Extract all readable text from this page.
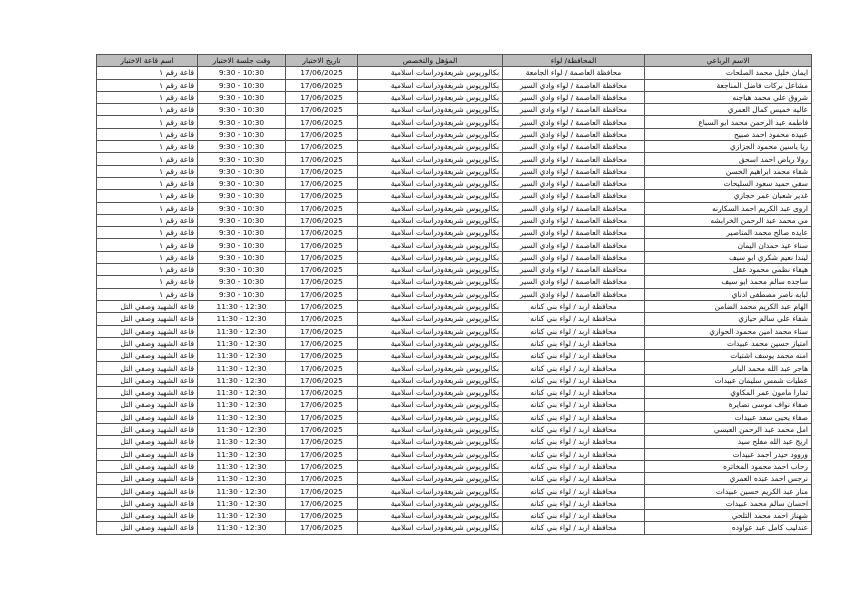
الاسم الرباعي	المحافظة/ لواء	المؤهل والتخصص	تاريخ الاختبار	وقت جلسة الاختبار	اسم قاعة الاختبار
ايمان خليل محمد الصلحات	محافظة العاصمة / لواء الجامعة	بكالوريوس شريعةودراسات اسلامية	17/06/2025	9:30 - 10:30	قاعة رقم ١
مشاعل بركات فاضل المناجعة	محافظة العاصمة / لواء وادي السير	بكالوريوس شريعةودراسات اسلامية	17/06/2025	9:30 - 10:30	قاعة رقم ١
شروق علي محمد هباجنه	محافظة العاصمة / لواء وادي السير	بكالوريوس شريعةودراسات اسلامية	17/06/2025	9:30 - 10:30	قاعة رقم ١
عاليه خميس كمال العمري	محافظة العاصمة / لواء وادي السير	بكالوريوس شريعةودراسات اسلامية	17/06/2025	9:30 - 10:30	قاعة رقم ١
فاطمه عبد الرحمن محمد ابو السباع	محافظة العاصمة / لواء وادي السير	بكالوريوس شريعةودراسات اسلامية	17/06/2025	9:30 - 10:30	قاعة رقم ١
عبيده محمود احمد صبيح	محافظة العاصمة / لواء وادي السير	بكالوريوس شريعةودراسات اسلامية	17/06/2025	9:30 - 10:30	قاعة رقم ١
ريا ياسين محمود الجزازي	محافظة العاصمة / لواء وادي السير	بكالوريوس شريعةودراسات اسلامية	17/06/2025	9:30 - 10:30	قاعة رقم ١
رولا رياض احمد اسحق	محافظة العاصمة / لواء وادي السير	بكالوريوس شريعةودراسات اسلامية	17/06/2025	9:30 - 10:30	قاعة رقم ١
شفاء محمد ابراهيم الحسن	محافظة العاصمة / لواء وادي السير	بكالوريوس شريعةودراسات اسلامية	17/06/2025	9:30 - 10:30	قاعة رقم ١
سفي حميد سعود السليحات	محافظة العاصمة / لواء وادي السير	بكالوريوس شريعةودراسات اسلامية	17/06/2025	9:30 - 10:30	قاعة رقم ١
غدير شعبان عمر حجازي	محافظة العاصمة / لواء وادي السير	بكالوريوس شريعةودراسات اسلامية	17/06/2025	9:30 - 10:30	قاعة رقم ١
اروى عبد الكريم احمد السكارنه	محافظة العاصمة / لواء وادي السير	بكالوريوس شريعةودراسات اسلامية	17/06/2025	9:30 - 10:30	قاعة رقم ١
مي محمد عبد الرحمن الخرابشه	محافظة العاصمة / لواء وادي السير	بكالوريوس شريعةودراسات اسلامية	17/06/2025	9:30 - 10:30	قاعة رقم ١
عايده صالح محمد المناصير	محافظة العاصمة / لواء وادي السير	بكالوريوس شريعةودراسات اسلامية	17/06/2025	9:30 - 10:30	قاعة رقم ١
سناء عيد حمدان اليمان	محافظة العاصمة / لواء وادي السير	بكالوريوس شريعةودراسات اسلامية	17/06/2025	9:30 - 10:30	قاعة رقم ١
ليندا نعيم شكري ابو سيف	محافظة العاصمة / لواء وادي السير	بكالوريوس شريعةودراسات اسلامية	17/06/2025	9:30 - 10:30	قاعة رقم ١
هيفاء نظمي محمود عقل	محافظة العاصمة / لواء وادي السير	بكالوريوس شريعةودراسات اسلامية	17/06/2025	9:30 - 10:30	قاعة رقم ١
ساجده سالم محمد ابو سيف	محافظة العاصمة / لواء وادي السير	بكالوريوس شريعةودراسات اسلامية	17/06/2025	9:30 - 10:30	قاعة رقم ١
لبابه ناصر مصطفى ادناي	محافظة العاصمة / لواء وادي السير	بكالوريوس شريعةودراسات اسلامية	17/06/2025	9:30 - 10:30	قاعة رقم ١
الهام عبد الكريم محمد الضامن	محافظة اربد / لواء بني كنانه	بكالوريوس شريعةودراسات اسلامية	17/06/2025	11:30 - 12:30	قاعة الشهيد وصفي التل
شفاء علي سالم حيازي	محافظة اربد / لواء بني كنانه	بكالوريوس شريعةودراسات اسلامية	17/06/2025	11:30 - 12:30	قاعة الشهيد وصفي التل
سناء محمد امين محمود الحواري	محافظة اربد / لواء بني كنانه	بكالوريوس شريعةودراسات اسلامية	17/06/2025	11:30 - 12:30	قاعة الشهيد وصفي التل
امتياز حسين محمد عبيدات	محافظة اربد / لواء بني كنانه	بكالوريوس شريعةودراسات اسلامية	17/06/2025	11:30 - 12:30	قاعة الشهيد وصفي التل
امنه محمد يوسف اشتيات	محافظة اربد / لواء بني كنانه	بكالوريوس شريعةودراسات اسلامية	17/06/2025	11:30 - 12:30	قاعة الشهيد وصفي التل
هاجر عبد الله محمد البابر	محافظة اربد / لواء بني كنانه	بكالوريوس شريعةودراسات اسلامية	17/06/2025	11:30 - 12:30	قاعة الشهيد وصفي التل
عطيات شمس سليمان عبيدات	محافظة اربد / لواء بني كنانه	بكالوريوس شريعةودراسات اسلامية	17/06/2025	11:30 - 12:30	قاعة الشهيد وصفي التل
تمارا مامون عمر المكاوي	محافظة اربد / لواء بني كنانه	بكالوريوس شريعةودراسات اسلامية	17/06/2025	11:30 - 12:30	قاعة الشهيد وصفي التل
صفاء نواف موسى نصايرة	محافظة اربد / لواء بني كنانه	بكالوريوس شريعةودراسات اسلامية	17/06/2025	11:30 - 12:30	قاعة الشهيد وصفي التل
صفاء يحيى سعد عبيدات	محافظة اربد / لواء بني كنانه	بكالوريوس شريعةودراسات اسلامية	17/06/2025	11:30 - 12:30	قاعة الشهيد وصفي التل
امل محمد عبد الرحمن العبسي	محافظة اربد / لواء بني كنانه	بكالوريوس شريعةودراسات اسلامية	17/06/2025	11:30 - 12:30	قاعة الشهيد وصفي التل
اريج عبد الله مفلح سيد	محافظة اربد / لواء بني كنانه	بكالوريوس شريعةودراسات اسلامية	17/06/2025	11:30 - 12:30	قاعة الشهيد وصفي التل
وروود حيدر احمد عبيدات	محافظة اربد / لواء بني كنانه	بكالوريوس شريعةودراسات اسلامية	17/06/2025	11:30 - 12:30	قاعة الشهيد وصفي التل
رحاب احمد محمود المخاتره	محافظة اربد / لواء بني كنانه	بكالوريوس شريعةودراسات اسلامية	17/06/2025	11:30 - 12:30	قاعة الشهيد وصفي التل
نرجس احمد عبده العمري	محافظة اربد / لواء بني كنانه	بكالوريوس شريعةودراسات اسلامية	17/06/2025	11:30 - 12:30	قاعة الشهيد وصفي التل
منار عبد الكريم حسين عبيدات	محافظة اربد / لواء بني كنانه	بكالوريوس شريعةودراسات اسلامية	17/06/2025	11:30 - 12:30	قاعة الشهيد وصفي التل
احسان سالم محمد عبيدات	محافظة اربد / لواء بني كنانه	بكالوريوس شريعةودراسات اسلامية	17/06/2025	11:30 - 12:30	قاعة الشهيد وصفي التل
شهناز احمد محمد التلحي	محافظة اربد / لواء بني كنانه	بكالوريوس شريعةودراسات اسلامية	17/06/2025	11:30 - 12:30	قاعة الشهيد وصفي التل
عندليب كامل عبد عواوده	محافظة اربد / لواء بني كنانه	بكالوريوس شريعةودراسات اسلامية	17/06/2025	11:30 - 12:30	قاعة الشهيد وصفي التل
